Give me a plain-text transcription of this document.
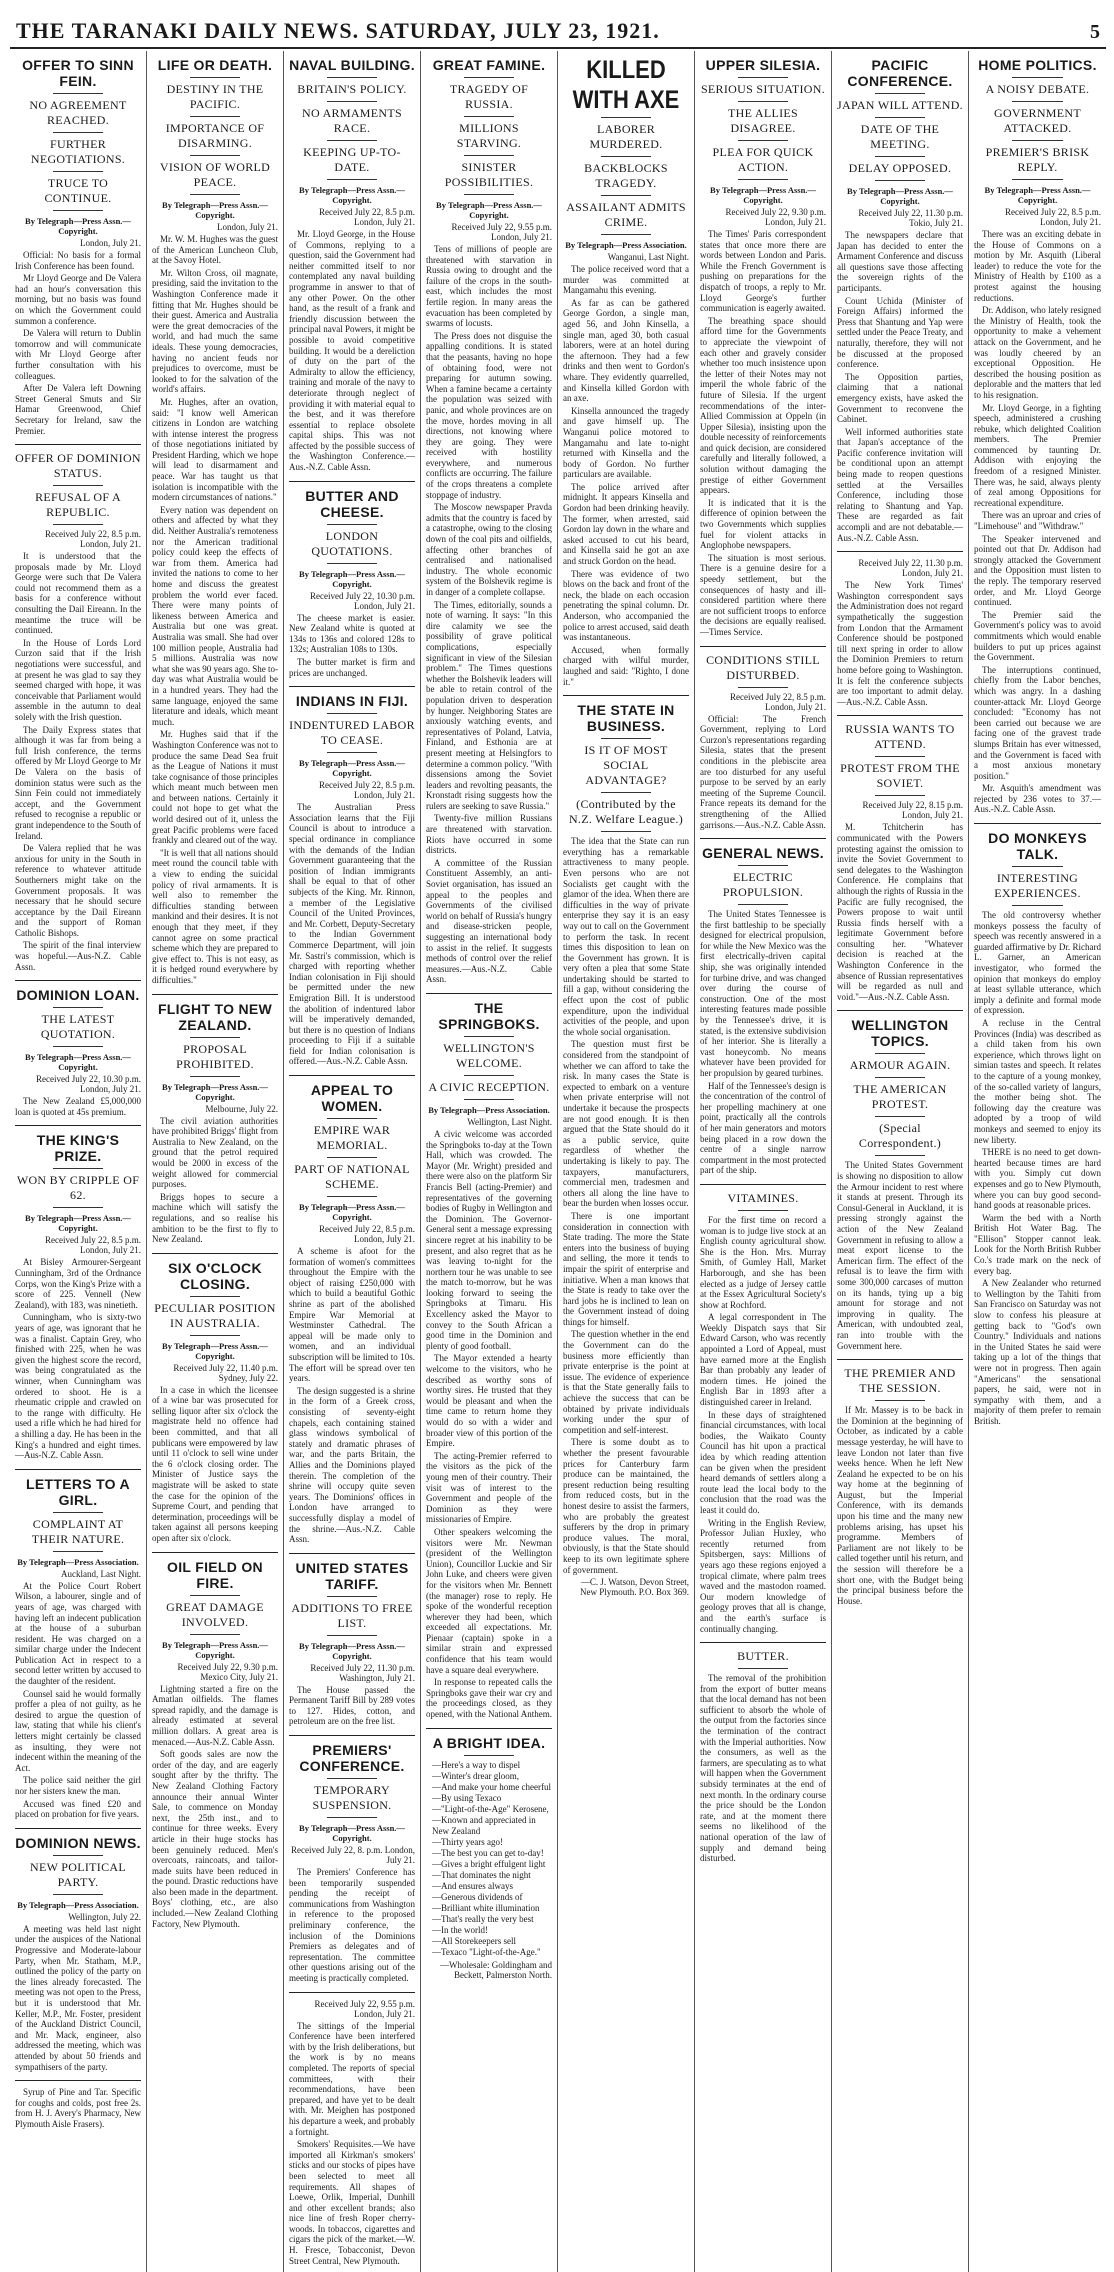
THE TARANAKI DAILY NEWS. SATURDAY, JULY 23, 1921.	5
OFFER TO SINN FEIN.
NO AGREEMENT REACHED.
FURTHER NEGOTIATIONS.
TRUCE TO CONTINUE.
By Telegraph—Press Assn.—Copyright.
London, July 21.

Official: No basis for a formal Irish Conference has been found.

Mr Lloyd George and De Valera had an hour's conversation this morning, but no basis was found on which the Government could summon a conference.

De Valera will return to Dublin tomorrow and will communicate with Mr Lloyd George after further consultation with his colleagues.

After De Valera left Downing Street General Smuts and Sir Hamar Greenwood, Chief Secretary for Ireland, saw the Premier.

OFFER OF DOMINION STATUS.
REFUSAL OF A REPUBLIC.
Received July 22, 8.5 p.m. London, July 21.

It is understood that the proposals made by Mr. Lloyd George were such that De Valera could not recommend them as a basis for a conference without consulting the Dail Eireann. In the meantime the truce will be continued.

In the House of Lords Lord Curzon said that if the Irish negotiations were successful, and at present he was glad to say they seemed charged with hope, it was conceivable that Parliament would assemble in the autumn to deal solely with the Irish question.

The Daily Express states that although it was far from being a full Irish conference, the terms offered by Mr Lloyd George to Mr De Valera on the basis of dominion status were such as the Sinn Fein could not immediately accept, and the Government refused to recognise a republic or grant independence to the South of Ireland.

De Valera replied that he was anxious for unity in the South in reference to whatever attitude Southerners might take on the Government proposals. It was necessary that he should secure acceptance by the Dail Eireann and the support of Roman Catholic Bishops.

The spirit of the final interview was hopeful.—Aus-N.Z. Cable Assn.

DOMINION LOAN.
THE LATEST QUOTATION.
By Telegraph—Press Assn.—Copyright.
Received July 22, 10.30 p.m. London, July 21.

The New Zealand £5,000,000 loan is quoted at 45s premium.

THE KING'S PRIZE.
WON BY CRIPPLE OF 62.
By Telegraph—Press Assn.—Copyright.
Received July 22, 8.5 p.m. London, July 21.

At Bisley Armourer-Sergeant Cunningham, 3rd of the Ordnance Corps, won the King's Prize with a score of 225. Vennell (New Zealand), with 183, was ninetieth.

Cunningham, who is sixty-two years of age, was ignorant that he was a finalist. Captain Grey, who finished with 225, when he was given the highest score the record, was being congratulated as the winner, when Cunningham was ordered to shoot. He is a rheumatic cripple and crawled on to the range with difficulty. He used a rifle which he had hired for a shilling a day. He has been in the King's a hundred and eight times.—Aus-N.Z. Cable Assn.

LETTERS TO A GIRL.
COMPLAINT AT THEIR NATURE.
By Telegraph—Press Association.
Auckland, Last Night.

At the Police Court Robert Wilson, a labourer, single and of years of age, was charged with having left an indecent publication at the house of a suburban resident. He was charged on a similar charge under the Indecent Publication Act in respect to a second letter written by accused to the daughter of the resident.

Counsel said he would formally proffer a plea of not guilty, as he desired to argue the question of law, stating that while his client's letters might certainly be classed as insulting, they were not indecent within the meaning of the Act.

The police said neither the girl nor her sisters knew the man.

Accused was fined £20 and placed on probation for five years.

DOMINION NEWS.
NEW POLITICAL PARTY.
By Telegraph—Press Association.
Wellington, July 22.

A meeting was held last night under the auspices of the National Progressive and Moderate-labour Party, when Mr. Statham, M.P., outlined the policy of the party on the lines already forecasted. The meeting was not open to the Press, but it is understood that Mr. Keller, M.P., Mr. Foster, president of the Auckland District Council, and Mr. Mack, engineer, also addressed the meeting, which was attended by about 50 friends and sympathisers of the party.

Syrup of Pine and Tar. Specific for coughs and colds, post free 2s. from H. J. Avery's Pharmacy, New Plymouth Aisle Frasers).

LIFE OR DEATH.
DESTINY IN THE PACIFIC.
IMPORTANCE OF DISARMING.
VISION OF WORLD PEACE.
By Telegraph—Press Assn.—Copyright.
London, July 21.

Mr. W. M. Hughes was the guest of the American Luncheon Club, at the Savoy Hotel.

Mr. Wilton Cross, oil magnate, presiding, said the invitation to the Washington Conference made it fitting that Mr. Hughes should be their guest. America and Australia were the great democracies of the world, and had much the same ideals. These young democracies, having no ancient feuds nor prejudices to overcome, must be looked to for the salvation of the world's affairs.

Mr. Hughes, after an ovation, said: "I know well American citizens in London are watching with intense interest the progress of those negotiations initiated by President Harding, which we hope will lead to disarmament and peace. War has taught us that isolation is incompatible with the modern circumstances of nations."

Every nation was dependent on others and affected by what they did. Neither Australia's remoteness nor the American traditional policy could keep the effects of war from them. America had invited the nations to come to her home and discuss the greatest problem the world ever faced. There were many points of likeness between America and Australia but one was great. Australia was small. She had over 100 million people, Australia had 5 millions. Australia was now what she was 90 years ago. She to-day was what Australia would be in a hundred years. They had the same language, enjoyed the same literature and ideals, which meant much.

Mr. Hughes said that if the Washington Conference was not to produce the same Dead Sea fruit as the League of Nations it must take cognisance of those principles which meant much between men and between nations. Certainly it could not hope to get what the world desired out of it, unless the great Pacific problems were faced frankly and cleared out of the way.

"It is well that all nations should meet round the council table with a view to ending the suicidal policy of rival armaments. It is well also to remember the difficulties standing between mankind and their desires. It is not enough that they meet, if they cannot agree on some practical scheme which they are prepared to give effect to. This is not easy, as it is hedged round everywhere by difficulties."

FLIGHT TO NEW ZEALAND.
PROPOSAL PROHIBITED.
By Telegraph—Press Assn.—Copyright.
Melbourne, July 22.

The civil aviation authorities have prohibited Briggs' flight from Australia to New Zealand, on the ground that the petrol required would be 2000 in excess of the weight allowed for commercial purposes.

Briggs hopes to secure a machine which will satisfy the regulations, and so realise his ambition to be the first to fly to New Zealand.

SIX O'CLOCK CLOSING.
PECULIAR POSITION IN AUSTRALIA.
By Telegraph—Press Assn.—Copyright.
Received July 22, 11.40 p.m. Sydney, July 22.

In a case in which the licensee of a wine bar was prosecuted for selling liquor after six o'clock the magistrate held no offence had been committed, and that all publicans were empowered by law until 11 o'clock to sell wine under the 6 o'clock closing order. The Minister of Justice says the magistrate will be asked to state the case for the opinion of the Supreme Court, and pending that determination, proceedings will be taken against all persons keeping open after six o'clock.

OIL FIELD ON FIRE.
GREAT DAMAGE INVOLVED.
By Telegraph—Press Assn.—Copyright.
Received July 22, 9.30 p.m. Mexico City, July 21.

Lightning started a fire on the Amatlan oilfields. The flames spread rapidly, and the damage is already estimated at several million dollars. A great area is menaced.—Aus-N.Z. Cable Assn.

Soft goods sales are now the order of the day, and are eagerly sought after by the thrifty. The New Zealand Clothing Factory announce their annual Winter Sale, to commence on Monday next, the 25th inst., and to continue for three weeks. Every article in their huge stocks has been genuinely reduced. Men's overcoats, raincoats, and tailor-made suits have been reduced in the pound. Drastic reductions have also been made in the department. Boys' clothing, etc., are also included.—New Zealand Clothing Factory, New Plymouth.

NAVAL BUILDING.
BRITAIN'S POLICY.
NO ARMAMENTS RACE.
KEEPING UP-TO-DATE.
By Telegraph—Press Assn.—Copyright.
Received July 22, 8.5 p.m. London, July 21.

Mr. Lloyd George, in the House of Commons, replying to a question, said the Government had neither committed itself to nor contemplated any naval building programme in answer to that of any other Power. On the other hand, as the result of a frank and friendly discussion between the principal naval Powers, it might be possible to avoid competitive building. It would be a dereliction of duty on the part of the Admiralty to allow the efficiency, training and morale of the navy to deteriorate through neglect of providing it with material equal to the best, and it was therefore essential to replace obsolete capital ships. This was not affected by the possible success of the Washington Conference.—Aus.-N.Z. Cable Assn.

BUTTER AND CHEESE.
LONDON QUOTATIONS.
By Telegraph—Press Assn.—Copyright.
Received July 22, 10.30 p.m. London, July 21.

The cheese market is easier. New Zealand white is quoted at 134s to 136s and colored 128s to 132s; Australian 108s to 130s.

The butter market is firm and prices are unchanged.

INDIANS IN FIJI.
INDENTURED LABOR TO CEASE.
By Telegraph—Press Assn.—Copyright.
Received July 22, 8.5 p.m. London, July 21.

The Australian Press Association learns that the Fiji Council is about to introduce a special ordinance in compliance with the demands of the Indian Government guaranteeing that the position of Indian immigrants shall be equal to that of other subjects of the King. Mr. Rinnon, a member of the Legislative Council of the United Provinces, and Mr. Corbett, Deputy-Secretary to the Indian Government Commerce Department, will join Mr. Sastri's commission, which is charged with reporting whether Indian colonisation in Fiji should be permitted under the new Emigration Bill. It is understood the abolition of indentured labor will be imperatively demanded, but there is no question of Indians proceeding to Fiji if a suitable field for Indian colonisation is offered.—Aus.-N.Z. Cable Assn.

APPEAL TO WOMEN.
EMPIRE WAR MEMORIAL.
PART OF NATIONAL SCHEME.
By Telegraph—Press Assn.—Copyright.
Received July 22, 8.5 p.m. London, July 21.

A scheme is afoot for the formation of women's committees throughout the Empire with the object of raising £250,000 with which to build a beautiful Gothic shrine as part of the abolished Empire War Memorial at Westminster Cathedral. The appeal will be made only to women, and an individual subscription will be limited to 10s. The effort will be spread over ten years.

The design suggested is a shrine in the form of a Greek cross, consisting of seventy-eight chapels, each containing stained glass windows symbolical of stately and dramatic phrases of war, and the parts Britain, the Allies and the Dominions played therein. The completion of the shrine will occupy quite seven years. The Dominions' offices in London have arranged to successfully display a model of the shrine.—Aus.-N.Z. Cable Assn.

UNITED STATES TARIFF.
ADDITIONS TO FREE LIST.
By Telegraph—Press Assn.—Copyright.
Received July 22, 11.30 p.m. Washington, July 21.

The House passed the Permanent Tariff Bill by 289 votes to 127. Hides, cotton, and petroleum are on the free list.

PREMIERS' CONFERENCE.
TEMPORARY SUSPENSION.
By Telegraph—Press Assn.—Copyright.
Received July 22, 8. p.m. London, July 21.

The Premiers' Conference has been temporarily suspended pending the receipt of communications from Washington in reference to the proposed preliminary conference, the inclusion of the Dominions Premiers as delegates and of representation. The committee other questions arising out of the meeting is practically completed.

Received July 22, 9.55 p.m. London, July 21.

The sittings of the Imperial Conference have been interfered with by the Irish deliberations, but the work is by no means completed. The reports of special committees, with their recommendations, have been prepared, and have yet to be dealt with. Mr. Meighen has postponed his departure a week, and probably a fortnight.

Smokers' Requisites.—We have imported all Kirkman's smokers' sticks and our stocks of pipes have been selected to meet all requirements. All shapes of Loewe, Orlik, Imperial, Dunhill and other excellent brands; also nice line of fresh Roper cherry-woods. In tobaccos, cigarettes and cigars the pick of the market.—W. H. Fresce, Tobacconist, Devon Street Central, New Plymouth.

GREAT FAMINE.
TRAGEDY OF RUSSIA.
MILLIONS STARVING.
SINISTER POSSIBILITIES.
By Telegraph—Press Assn.—Copyright.
Received July 22, 9.55 p.m. London, July 21.

Tens of millions of people are threatened with starvation in Russia owing to drought and the failure of the crops in the south-east, which includes the most fertile region. In many areas the evacuation has been completed by swarms of locusts.

The Press does not disguise the appalling conditions. It is stated that the peasants, having no hope of obtaining food, were not preparing for autumn sowing. When a famine became a certainty the population was seized with panic, and whole provinces are on the move, hordes moving in all directions, not knowing where they are going. They were received with hostility everywhere, and numerous conflicts are occurring. The failure of the crops threatens a complete stoppage of industry.

The Moscow newspaper Pravda admits that the country is faced by a catastrophe, owing to the closing down of the coal pits and oilfields, affecting other branches of centralised and nationalised industry. The whole economic system of the Bolshevik regime is in danger of a complete collapse.

The Times, editorially, sounds a note of warning. It says: "In this dire calamity we see the possibility of grave political complications, especially significant in view of the Silesian problem." The Times questions whether the Bolshevik leaders will be able to retain control of the population driven to desperation by hunger. Neighboring States are anxiously watching events, and representatives of Poland, Latvia, Finland, and Esthonia are at present meeting at Helsingfors to determine a common policy. "With dissensions among the Soviet leaders and revolting peasants, the Kronstadt rising suggests how the rulers are seeking to save Russia."

Twenty-five million Russians are threatened with starvation. Riots have occurred in some districts.

A committee of the Russian Constituent Assembly, an anti-Soviet organisation, has issued an appeal to the peoples and Governments of the civilised world on behalf of Russia's hungry and disease-stricken people, suggesting an international body to assist in the relief. It suggests methods of control over the relief measures.—Aus.-N.Z. Cable Assn.

THE SPRINGBOKS.
WELLINGTON'S WELCOME.
A CIVIC RECEPTION.
By Telegraph—Press Association.
Wellington, Last Night.

A civic welcome was accorded the Springboks to-day at the Town Hall, which was crowded. The Mayor (Mr. Wright) presided and there were also on the platform Sir Francis Bell (acting-Premier) and representatives of the governing bodies of Rugby in Wellington and the Dominion. The Governor-General sent a message expressing sincere regret at his inability to be present, and also regret that as he was leaving to-night for the northern tour he was unable to see the match to-morrow, but he was looking forward to seeing the Springboks at Timaru. His Excellency asked the Mayor to convey to the South African a good time in the Dominion and plenty of good football.

The Mayor extended a hearty welcome to the visitors, who he described as worthy sons of worthy sires. He trusted that they would be pleasant and when the time came to return home they would do so with a wider and broader view of this portion of the Empire.

The acting-Premier referred to the visitors as the pick of the young men of their country. Their visit was of interest to the Government and people of the Dominion as they were missionaries of Empire.

Other speakers welcoming the visitors were Mr. Newman (president of the Wellington Union), Councillor Luckie and Sir John Luke, and cheers were given for the visitors when Mr. Bennett (the manager) rose to reply. He spoke of the wonderful reception wherever they had been, which exceeded all expectations. Mr. Pienaar (captain) spoke in a similar strain and expressed confidence that his team would have a square deal everywhere.

In response to repeated calls the Springboks gave their war cry and the proceedings closed, as they opened, with the National Anthem.

A BRIGHT IDEA.
—Here's a way to dispel
—Winter's drear gloom,
—And make your home cheerful
—By using Texaco
—"Light-of-the-Age" Kerosene,
—Known and appreciated in New Zealand
—Thirty years ago!
—The best you can get to-day!
—Gives a bright effulgent light
—That dominates the night
—And ensures always
—Generous dividends of
—Brilliant white illumination
—That's really the very best
—In the world!
—All Storekeepers sell
—Texaco "Light-of-the-Age."
—Wholesale: Goldingham and Beckett, Palmerston North.
KILLED WITH AXE
LABORER MURDERED.
BACKBLOCKS TRAGEDY.
ASSAILANT ADMITS CRIME.
By Telegraph—Press Association.
Wanganui, Last Night.

The police received word that a murder was committed at Mangamahu this evening.

As far as can be gathered George Gordon, a single man, aged 56, and John Kinsella, a single man, aged 30, both casual laborers, were at an hotel during the afternoon. They had a few drinks and then went to Gordon's whare. They evidently quarrelled, and Kinsella killed Gordon with an axe.

Kinsella announced the tragedy and gave himself up. The Wanganui police motored to Mangamahu and late to-night returned with Kinsella and the body of Gordon. No further particulars are available.

The police arrived after midnight. It appears Kinsella and Gordon had been drinking heavily. The former, when arrested, said Gordon lay down in the whare and asked accused to cut his beard, and Kinsella said he got an axe and struck Gordon on the head.

There was evidence of two blows on the back and front of the neck, the blade on each occasion penetrating the spinal column. Dr. Anderson, who accompanied the police to arrest accused, said death was instantaneous.

Accused, when formally charged with wilful murder, laughed and said: "Righto, I done it."

THE STATE IN BUSINESS.
IS IT OF MOST SOCIAL ADVANTAGE?
(Contributed by the N.Z. Welfare League.)

The idea that the State can run everything has a remarkable attractiveness to many people. Even persons who are not Socialists get caught with the glamor of the idea. When there are difficulties in the way of private enterprise they say it is an easy way out to call on the Government to perform the task. In recent times this disposition to lean on the Government has grown. It is very often a plea that some State undertaking should be started to fill a gap, without considering the effect upon the cost of public expenditure, upon the individual activities of the people, and upon the whole social organisation.

The question must first be considered from the standpoint of whether we can afford to take the risk. In many cases the State is expected to embark on a venture when private enterprise will not undertake it because the prospects are not good enough. It is then argued that the State should do it as a public service, quite regardless of whether the undertaking is likely to pay. The taxpayers, manufacturers, commercial men, tradesmen and others all along the line have to bear the burden when losses occur.

There is one important consideration in connection with State trading. The more the State enters into the business of buying and selling, the more it tends to impair the spirit of enterprise and initiative. When a man knows that the State is ready to take over the hard jobs he is inclined to lean on the Government instead of doing things for himself.

The question whether in the end the Government can do the business more efficiently than private enterprise is the point at issue. The evidence of experience is that the State generally fails to achieve the success that can be obtained by private individuals working under the spur of competition and self-interest.

There is some doubt as to whether the present favourable prices for Canterbury farm produce can be maintained, the present reduction being resulting from reduced costs, but in the honest desire to assist the farmers, who are probably the greatest sufferers by the drop in primary produce values. The moral, obviously, is that the State should keep to its own legitimate sphere of government.

—C. J. Watson, Devon Street, New Plymouth. P.O. Box 369.
UPPER SILESIA.
SERIOUS SITUATION.
THE ALLIES DISAGREE.
PLEA FOR QUICK ACTION.
By Telegraph—Press Assn.—Copyright.
Received July 22, 9.30 p.m. London, July 21.

The Times' Paris correspondent states that once more there are words between London and Paris. While the French Government is pushing on preparations for the dispatch of troops, a reply to Mr. Lloyd George's further communication is eagerly awaited.

The breathing space should afford time for the Governments to appreciate the viewpoint of each other and gravely consider whether too much insistence upon the letter of their Notes may not imperil the whole fabric of the future of Silesia. If the urgent recommendations of the inter-Allied Commission at Oppeln (in Upper Silesia), insisting upon the double necessity of reinforcements and quick decision, are considered carefully and literally followed, a solution without damaging the prestige of either Government appears.

It is indicated that it is the difference of opinion between the two Governments which supplies fuel for violent attacks in Anglophobe newspapers.

The situation is most serious. There is a genuine desire for a speedy settlement, but the consequences of hasty and ill-considered partition where there are not sufficient troops to enforce the decisions are equally realised.—Times Service.

CONDITIONS STILL DISTURBED.
Received July 22, 8.5 p.m. London, July 21.

Official: The French Government, replying to Lord Curzon's representations regarding Silesia, states that the present conditions in the plebiscite area are too disturbed for any useful purpose to be served by an early meeting of the Supreme Council. France repeats its demand for the strengthening of the Allied garrisons.—Aus.-N.Z. Cable Assn.

GENERAL NEWS.
ELECTRIC PROPULSION.

The United States Tennessee is the first battleship to be specially designed for electrical propulsion, for while the New Mexico was the first electrically-driven capital ship, she was originally intended for turbine drive, and was changed over during the course of construction. One of the most interesting features made possible by the Tennessee's drive, it is stated, is the extensive subdivision of her interior. She is literally a vast honeycomb. No means whatever have been provided for her propulsion by geared turbines.

Half of the Tennessee's design is the concentration of the control of her propelling machinery at one point, practically all the controls of her main generators and motors being placed in a row down the centre of a single narrow compartment in the most protected part of the ship.

VITAMINES.

For the first time on record a woman is to judge live stock at an English county agricultural show. She is the Hon. Mrs. Murray Smith, of Gumley Hall, Market Harborough, and she has been elected as a judge of Jersey cattle at the Essex Agricultural Society's show at Rochford.

A legal correspondent in The Weekly Dispatch says that Sir Edward Carson, who was recently appointed a Lord of Appeal, must have earned more at the English Bar than probably any leader of modern times. He joined the English Bar in 1893 after a distinguished career in Ireland.

In these days of straightened financial circumstances, with local bodies, the Waikato County Council has hit upon a practical idea by which reading attention can be given when the president heard demands of settlers along a route lead the local body to the conclusion that the road was the least it could do.

Writing in the English Review, Professor Julian Huxley, who recently returned from Spitsbergen, says: Millions of years ago these regions enjoyed a tropical climate, where palm trees waved and the mastodon roamed. Our modern knowledge of geology proves that all is change, and the earth's surface is continually changing.

BUTTER.

The removal of the prohibition from the export of butter means that the local demand has not been sufficient to absorb the whole of the output from the factories since the termination of the contract with the Imperial authorities. Now the consumers, as well as the farmers, are speculating as to what will happen when the Government subsidy terminates at the end of next month. In the ordinary course the price should be the London rate, and at the moment there seems no likelihood of the national operation of the law of supply and demand being disturbed.

PACIFIC CONFERENCE.
JAPAN WILL ATTEND.
DATE OF THE MEETING.
DELAY OPPOSED.
By Telegraph—Press Assn.—Copyright.
Received July 22, 11.30 p.m. Tokio, July 21.

The newspapers declare that Japan has decided to enter the Armament Conference and discuss all questions save those affecting the sovereign rights of the participants.

Count Uchida (Minister of Foreign Affairs) informed the Press that Shantung and Yap were settled under the Peace Treaty, and naturally, therefore, they will not be discussed at the proposed conference.

The Opposition parties, claiming that a national emergency exists, have asked the Government to reconvene the Cabinet.

Well informed authorities state that Japan's acceptance of the Pacific conference invitation will be conditional upon an attempt being made to reopen questions settled at the Versailles Conference, including those relating to Shantung and Yap. These are regarded as fait accompli and are not debatable.—Aus.-N.Z. Cable Assn.

Received July 22, 11.30 p.m. London, July 21.

The New York Times' Washington correspondent says the Administration does not regard sympathetically the suggestion from London that the Armament Conference should be postponed till next spring in order to allow the Dominion Premiers to return home before going to Washington. It is felt the conference subjects are too important to admit delay.—Aus.-N.Z. Cable Assn.

RUSSIA WANTS TO ATTEND.
PROTEST FROM THE SOVIET.
Received July 22, 8.15 p.m. London, July 21.

M. Tchitcherin has communicated with the Powers protesting against the omission to invite the Soviet Government to send delegates to the Washington Conference. He complains that although the rights of Russia in the Pacific are fully recognised, the Powers propose to wait until Russia finds herself with a legitimate Government before consulting her. "Whatever decision is reached at the Washington Conference in the absence of Russian representatives will be regarded as null and void."—Aus.-N.Z. Cable Assn.

WELLINGTON TOPICS.
ARMOUR AGAIN.
THE AMERICAN PROTEST.
(Special Correspondent.)

The United States Government is showing no disposition to allow the Armour incident to rest where it stands at present. Through its Consul-General in Auckland, it is pressing strongly against the action of the New Zealand Government in refusing to allow a meat export license to the American firm. The effect of the refusal is to leave the firm with some 300,000 carcases of mutton on its hands, tying up a big amount for storage and not improving in quality. The American, with undoubted zeal, ran into trouble with the Government here.

THE PREMIER AND THE SESSION.

If Mr. Massey is to be back in the Dominion at the beginning of October, as indicated by a cable message yesterday, he will have to leave London not later than five weeks hence. When he left New Zealand he expected to be on his way home at the beginning of August, but the Imperial Conference, with its demands upon his time and the many new problems arising, has upset his programme. Members of Parliament are not likely to be called together until his return, and the session will therefore be a short one, with the Budget being the principal business before the House.

HOME POLITICS.
A NOISY DEBATE.
GOVERNMENT ATTACKED.
PREMIER'S BRISK REPLY.
By Telegraph—Press Assn.—Copyright.
Received July 22, 8.5 p.m. London, July 21.

There was an exciting debate in the House of Commons on a motion by Mr. Asquith (Liberal leader) to reduce the vote for the Ministry of Health by £100 as a protest against the housing reductions.

Dr. Addison, who lately resigned the Ministry of Health, took the opportunity to make a vehement attack on the Government, and he was loudly cheered by an exceptional Opposition. He described the housing position as deplorable and the matters that led to his resignation.

Mr. Lloyd George, in a fighting speech, administered a crushing rebuke, which delighted Coalition members. The Premier commenced by taunting Dr. Addison with enjoying the freedom of a resigned Minister. There was, he said, always plenty of zeal among Oppositions for recreational expenditure.

There was an uproar and cries of "Limehouse" and "Withdraw."

The Speaker intervened and pointed out that Dr. Addison had strongly attacked the Government and the Opposition must listen to the reply. The temporary reserved order, and Mr. Lloyd George continued.

The Premier said the Government's policy was to avoid commitments which would enable builders to put up prices against the Government.

The interruptions continued, chiefly from the Labor benches, which was angry. In a dashing counter-attack Mr. Lloyd George concluded: "Economy has not been carried out because we are facing one of the gravest trade slumps Britain has ever witnessed, and the Government is faced with a most anxious monetary position."

Mr. Asquith's amendment was rejected by 236 votes to 37.—Aus.-N.Z. Cable Assn.

DO MONKEYS TALK.
INTERESTING EXPERIENCES.

The old controversy whether monkeys possess the faculty of speech was recently answered in a guarded affirmative by Dr. Richard L. Garner, an American investigator, who formed the opinion that monkeys do employ at least syllable utterance, which imply a definite and formal mode of expression.

A recluse in the Central Provinces (India) was described as a child taken from his own experience, which throws light on simian tastes and speech. It relates to the capture of a young monkey, of the so-called variety of langurs, the mother being shot. The following day the creature was adopted by a troop of wild monkeys and seemed to enjoy its new liberty.

THERE is no need to get down-hearted because times are hard with you. Simply cut down expenses and go to New Plymouth, where you can buy good second-hand goods at reasonable prices.

Warm the bed with a North British Hot Water Bag. The "Ellison" Stopper cannot leak. Look for the North British Rubber Co.'s trade mark on the neck of every bag.

A New Zealander who returned to Wellington by the Tahiti from San Francisco on Saturday was not slow to confess his pleasure at getting back to "God's own Country." Individuals and nations in the United States he said were taking up a lot of the things that were not in progress. Then again "Americans" the sensational papers, he said, were not in sympathy with them, and a majority of them prefer to remain British.
